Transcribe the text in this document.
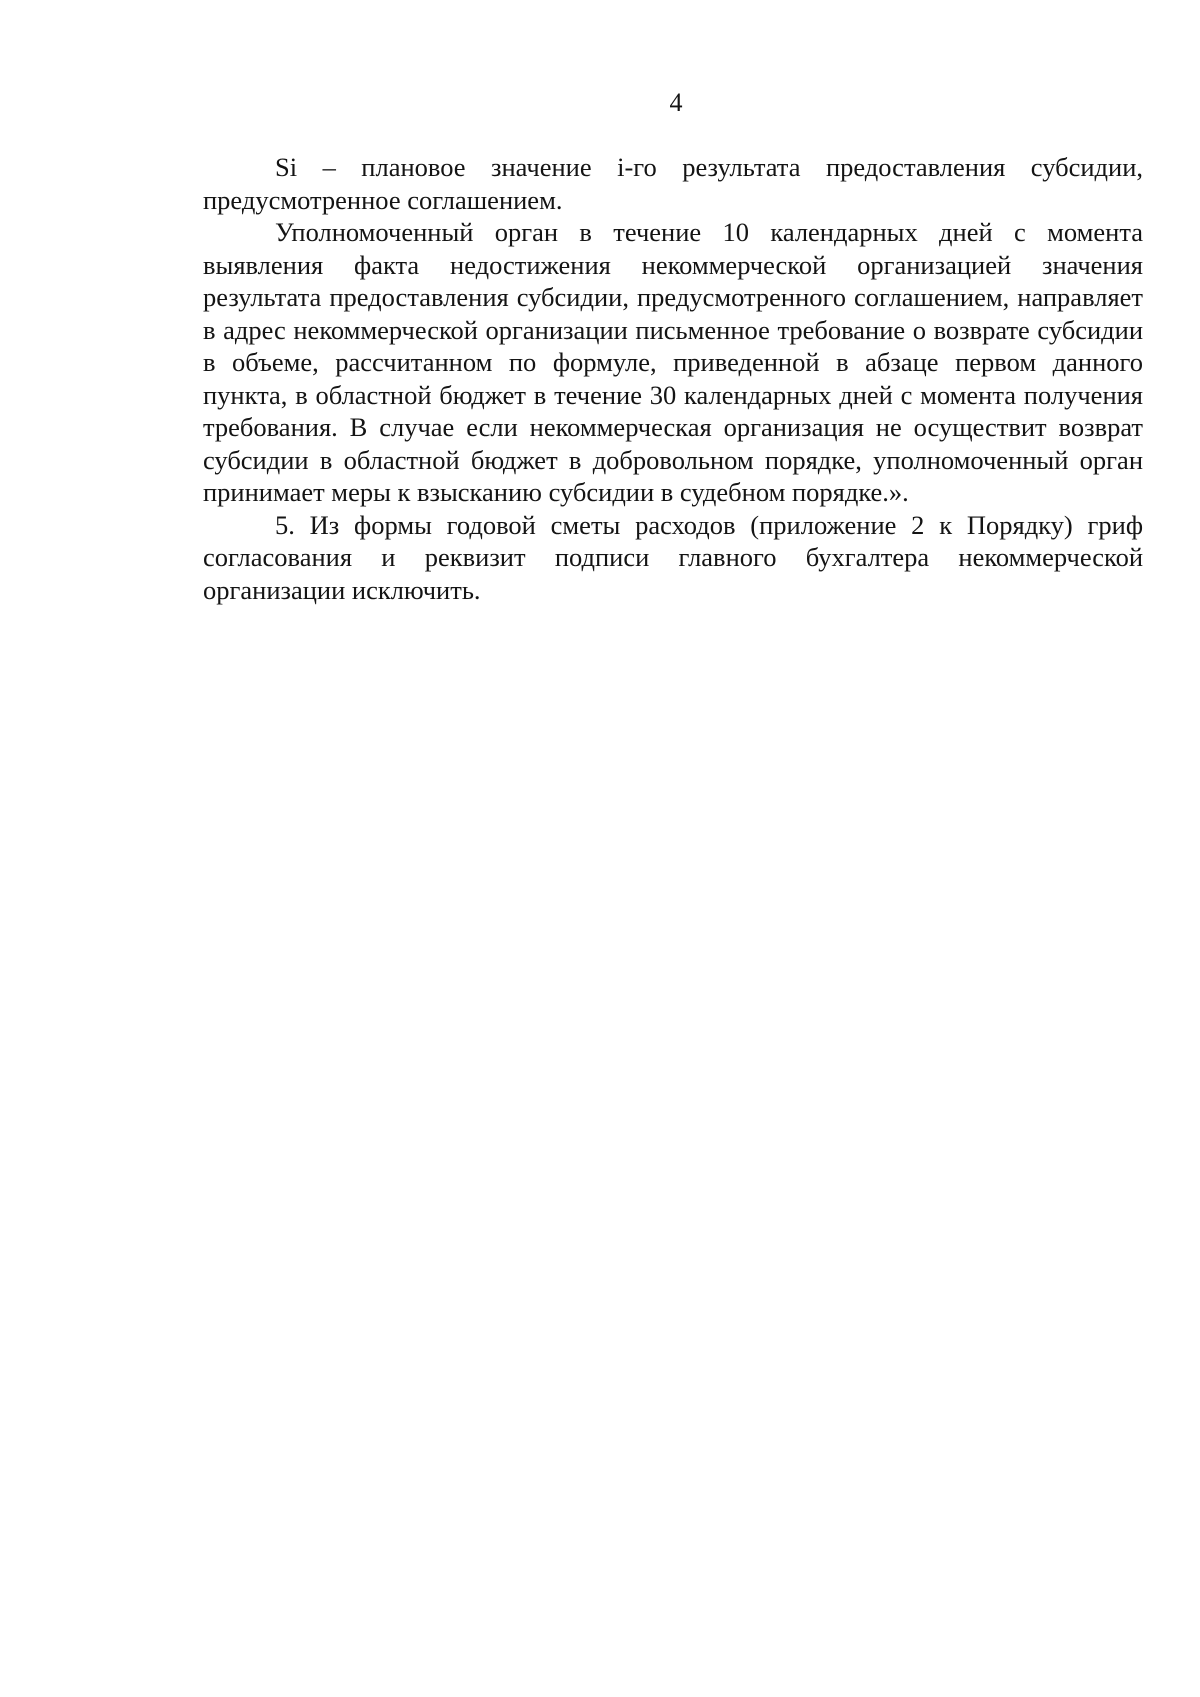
4

Si – плановое значение i-го результата предоставления субсидии, предусмотренное соглашением.

Уполномоченный орган в течение 10 календарных дней с момента выявления факта недостижения некоммерческой организацией значения результата предоставления субсидии, предусмотренного соглашением, направляет в адрес некоммерческой организации письменное требование о возврате субсидии в объеме, рассчитанном по формуле, приведенной в абзаце первом данного пункта, в областной бюджет в течение 30 календарных дней с момента получения требования. В случае если некоммерческая организация не осуществит возврат субсидии в областной бюджет в добровольном порядке, уполномоченный орган принимает меры к взысканию субсидии в судебном порядке.».

5. Из формы годовой сметы расходов (приложение 2 к Порядку) гриф согласования и реквизит подписи главного бухгалтера некоммерческой организации исключить.
